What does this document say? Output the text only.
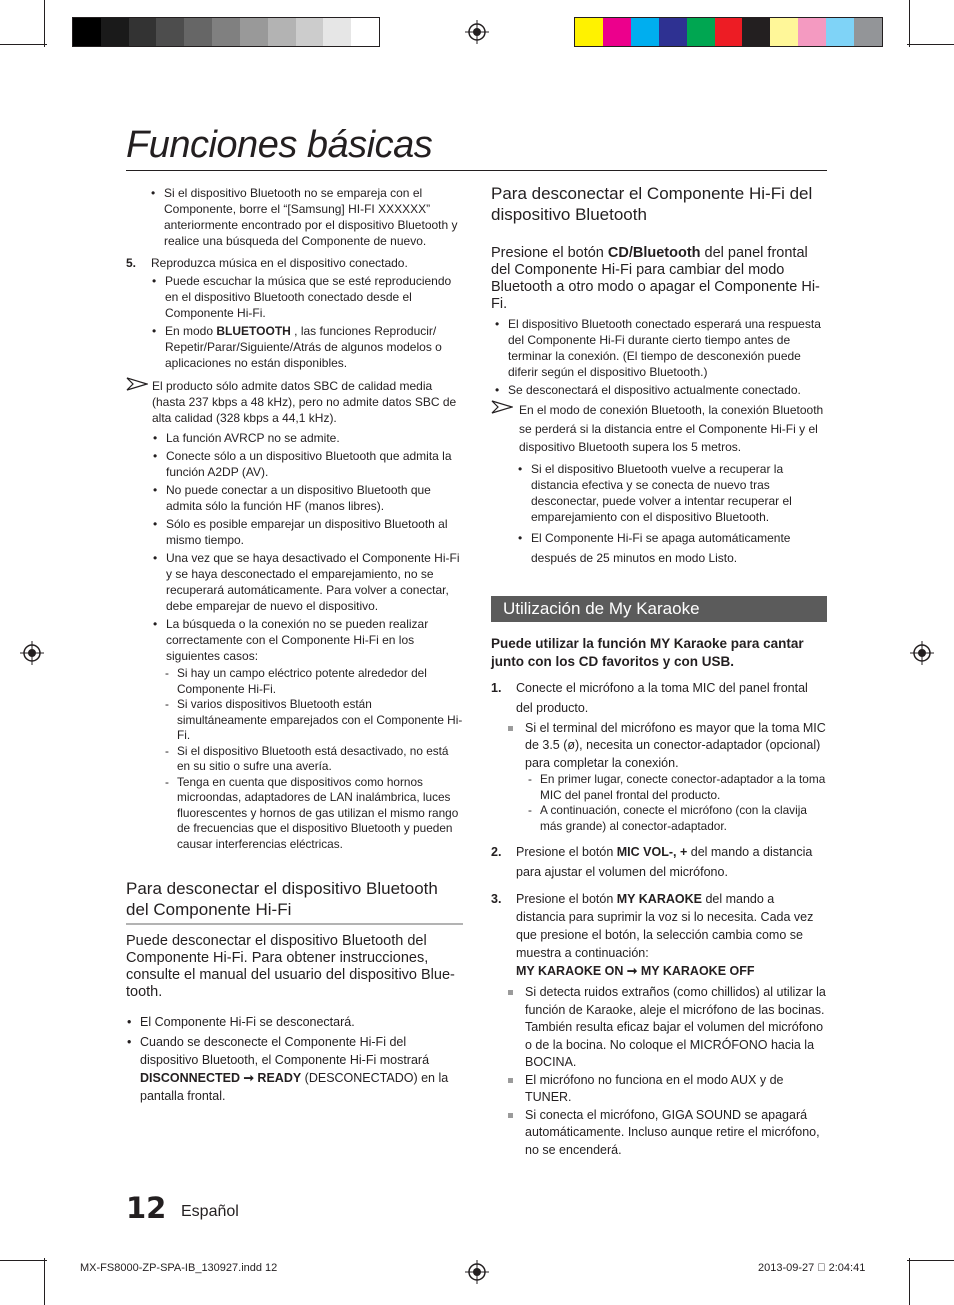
Funciones básicas
• Si el dispositivo Bluetooth no se empareja con el Componente, borre el “[Samsung] HI-FI XXXXXX” anteriormente encontrado por el dispositivo Bluetooth y realice una búsqueda del Componente de nuevo.
5. Reproduzca música en el dispositivo conectado.

• Puede escuchar la música que se esté reproduciendo en el dispositivo Bluetooth conectado desde el Componente Hi-Fi.
• En modo BLUETOOTH , las funciones Reproducir/ Repetir/Parar/Siguiente/Atrás de algunos modelos o aplicaciones no están disponibles.

El producto sólo admite datos SBC de calidad media (hasta 237 kbps a 48 kHz), pero no admite datos SBC de alta calidad (328 kbps a 44,1 kHz).

• La función AVRCP no se admite.
• Conecte sólo a un dispositivo Bluetooth que admita la función A2DP (AV).
• No puede conectar a un dispositivo Bluetooth que admita sólo la función HF (manos libres).
• Sólo es posible emparejar un dispositivo Bluetooth al mismo tiempo.
• Una vez que se haya desactivado el Componente Hi-Fi y se haya desconectado el emparejamiento, no se recuperará automáticamente. Para volver a conectar, debe emparejar de nuevo el dispositivo.
• La búsqueda o la conexión no se pueden realizar correctamente con el Componente Hi-Fi en los siguientes casos:
- Si hay un campo eléctrico potente alrededor del Componente Hi-Fi.
- Si varios dispositivos Bluetooth están simultáneamente emparejados con el Componente Hi-Fi.
- Si el dispositivo Bluetooth está desactivado, no está en su sitio o sufre una avería.
- Tenga en cuenta que dispositivos como hornos microondas, adaptadores de LAN inalámbrica, luces fluorescentes y hornos de gas utilizan el mismo rango de frecuencias que el dispositivo Bluetooth y pueden causar interferencias eléctricas.
Para desconectar el dispositivo Bluetooth del Componente Hi-Fi

Puede desconectar el dispositivo Bluetooth del Componente Hi-Fi. Para obtener instrucciones, consulte el manual del usuario del dispositivo Blue-tooth.

• El Componente Hi-Fi se desconectará.
• Cuando se desconecte el Componente Hi-Fi del dispositivo Bluetooth, el Componente Hi-Fi mostrará DISCONNECTED ➞ READY (DESCONECTADO) en la pantalla frontal.
Para desconectar el Componente Hi-Fi del dispositivo Bluetooth

Presione el botón CD/Bluetooth del panel frontal del Componente Hi-Fi para cambiar del modo Bluetooth a otro modo o apagar el Componente Hi-Fi.

• El dispositivo Bluetooth conectado esperará una respuesta del Componente Hi-Fi durante cierto tiempo antes de terminar la conexión. (El tiempo de desconexión puede diferir según el dispositivo Bluetooth.)
• Se desconectará el dispositivo actualmente conectado.

En el modo de conexión Bluetooth, la conexión Bluetooth se perderá si la distancia entre el Componente Hi-Fi y el dispositivo Bluetooth supera los 5 metros.

• Si el dispositivo Bluetooth vuelve a recuperar la distancia efectiva y se conecta de nuevo tras desconectar, puede volver a intentar recuperar el emparejamiento con el dispositivo Bluetooth.
• El Componente Hi-Fi se apaga automáticamente después de 25 minutos en modo Listo.
Utilización de My Karaoke

Puede utilizar la función MY Karaoke para cantar junto con los CD favoritos y con USB.

1. Conecte el micrófono a la toma MIC del panel frontal del producto.

Si el terminal del micrófono es mayor que la toma MIC de 3.5 (ø), necesita un conector-adaptador (opcional) para completar la conexión.
- En primer lugar, conecte conector-adaptador a la toma MIC del panel frontal del producto.
- A continuación, conecte el micrófono (con la clavija más grande) al conector-adaptador.
2. Presione el botón MIC VOL-, + del mando a distancia para ajustar el volumen del micrófono.

3. Presione el botón MY KARAOKE del mando a distancia para suprimir la voz si lo necesita. Cada vez que presione el botón, la selección cambia como se muestra a continuación:

MY KARAOKE ON ➞ MY KARAOKE OFF

Si detecta ruidos extraños (como chillidos) al utilizar la función de Karaoke, aleje el micrófono de las bocinas. También resulta eficaz bajar el volumen del micrófono o de la bocina. No coloque el MICRÓFONO hacia la BOCINA.
El micrófono no funciona en el modo AUX y de TUNER.
Si conecta el micrófono, GIGA SOUND se apagará automáticamente. Incluso aunque retire el micrófono, no se encenderá.
12 Español
MX-FS8000-ZP-SPA-IB_130927.indd 12	2013-09-27   2:04:41
